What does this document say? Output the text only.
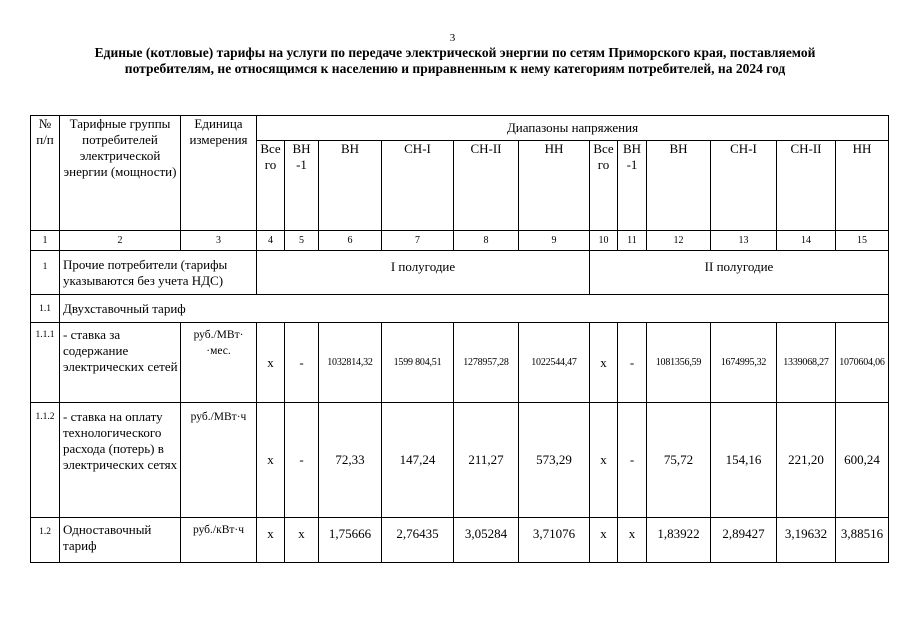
3
Единые (котловые) тарифы на услуги по передаче электрической энергии по сетям Приморского края, поставляемой потребителям, не относящимся к населению и приравненным к нему категориям потребителей, на 2024 год
№ п/п	Тарифные группы потребителей электрической энергии (мощности)	Единица измерения	Диапазоны напряжения											
			Все го	ВН -1	ВН	СН-I	СН-II	НН	Все го	ВН -1	ВН	СН-I	СН-II	НН
1	2	3	4	5	6	7	8	9	10	11	12	13	14	15
1	Прочие потребители (тарифы указываются без учета НДС)		I полугодие						II полугодие					
1.1	Двухставочный тариф													
1.1.1	- ставка за содержание электрических сетей	руб./МВт· ·мес.	x	-	1032814,32	1599 804,51	1278957,28	1022544,47	x	-	1081356,59	1674995,32	1339068,27	1070604,06
1.1.2	- ставка на оплату технологического расхода (потерь) в электрических сетях	руб./МВт·ч	x	-	72,33	147,24	211,27	573,29	x	-	75,72	154,16	221,20	600,24
1.2	Одноставочный тариф	руб./кВт·ч	x	x	1,75666	2,76435	3,05284	3,71076	x	x	1,83922	2,89427	3,19632	3,88516
